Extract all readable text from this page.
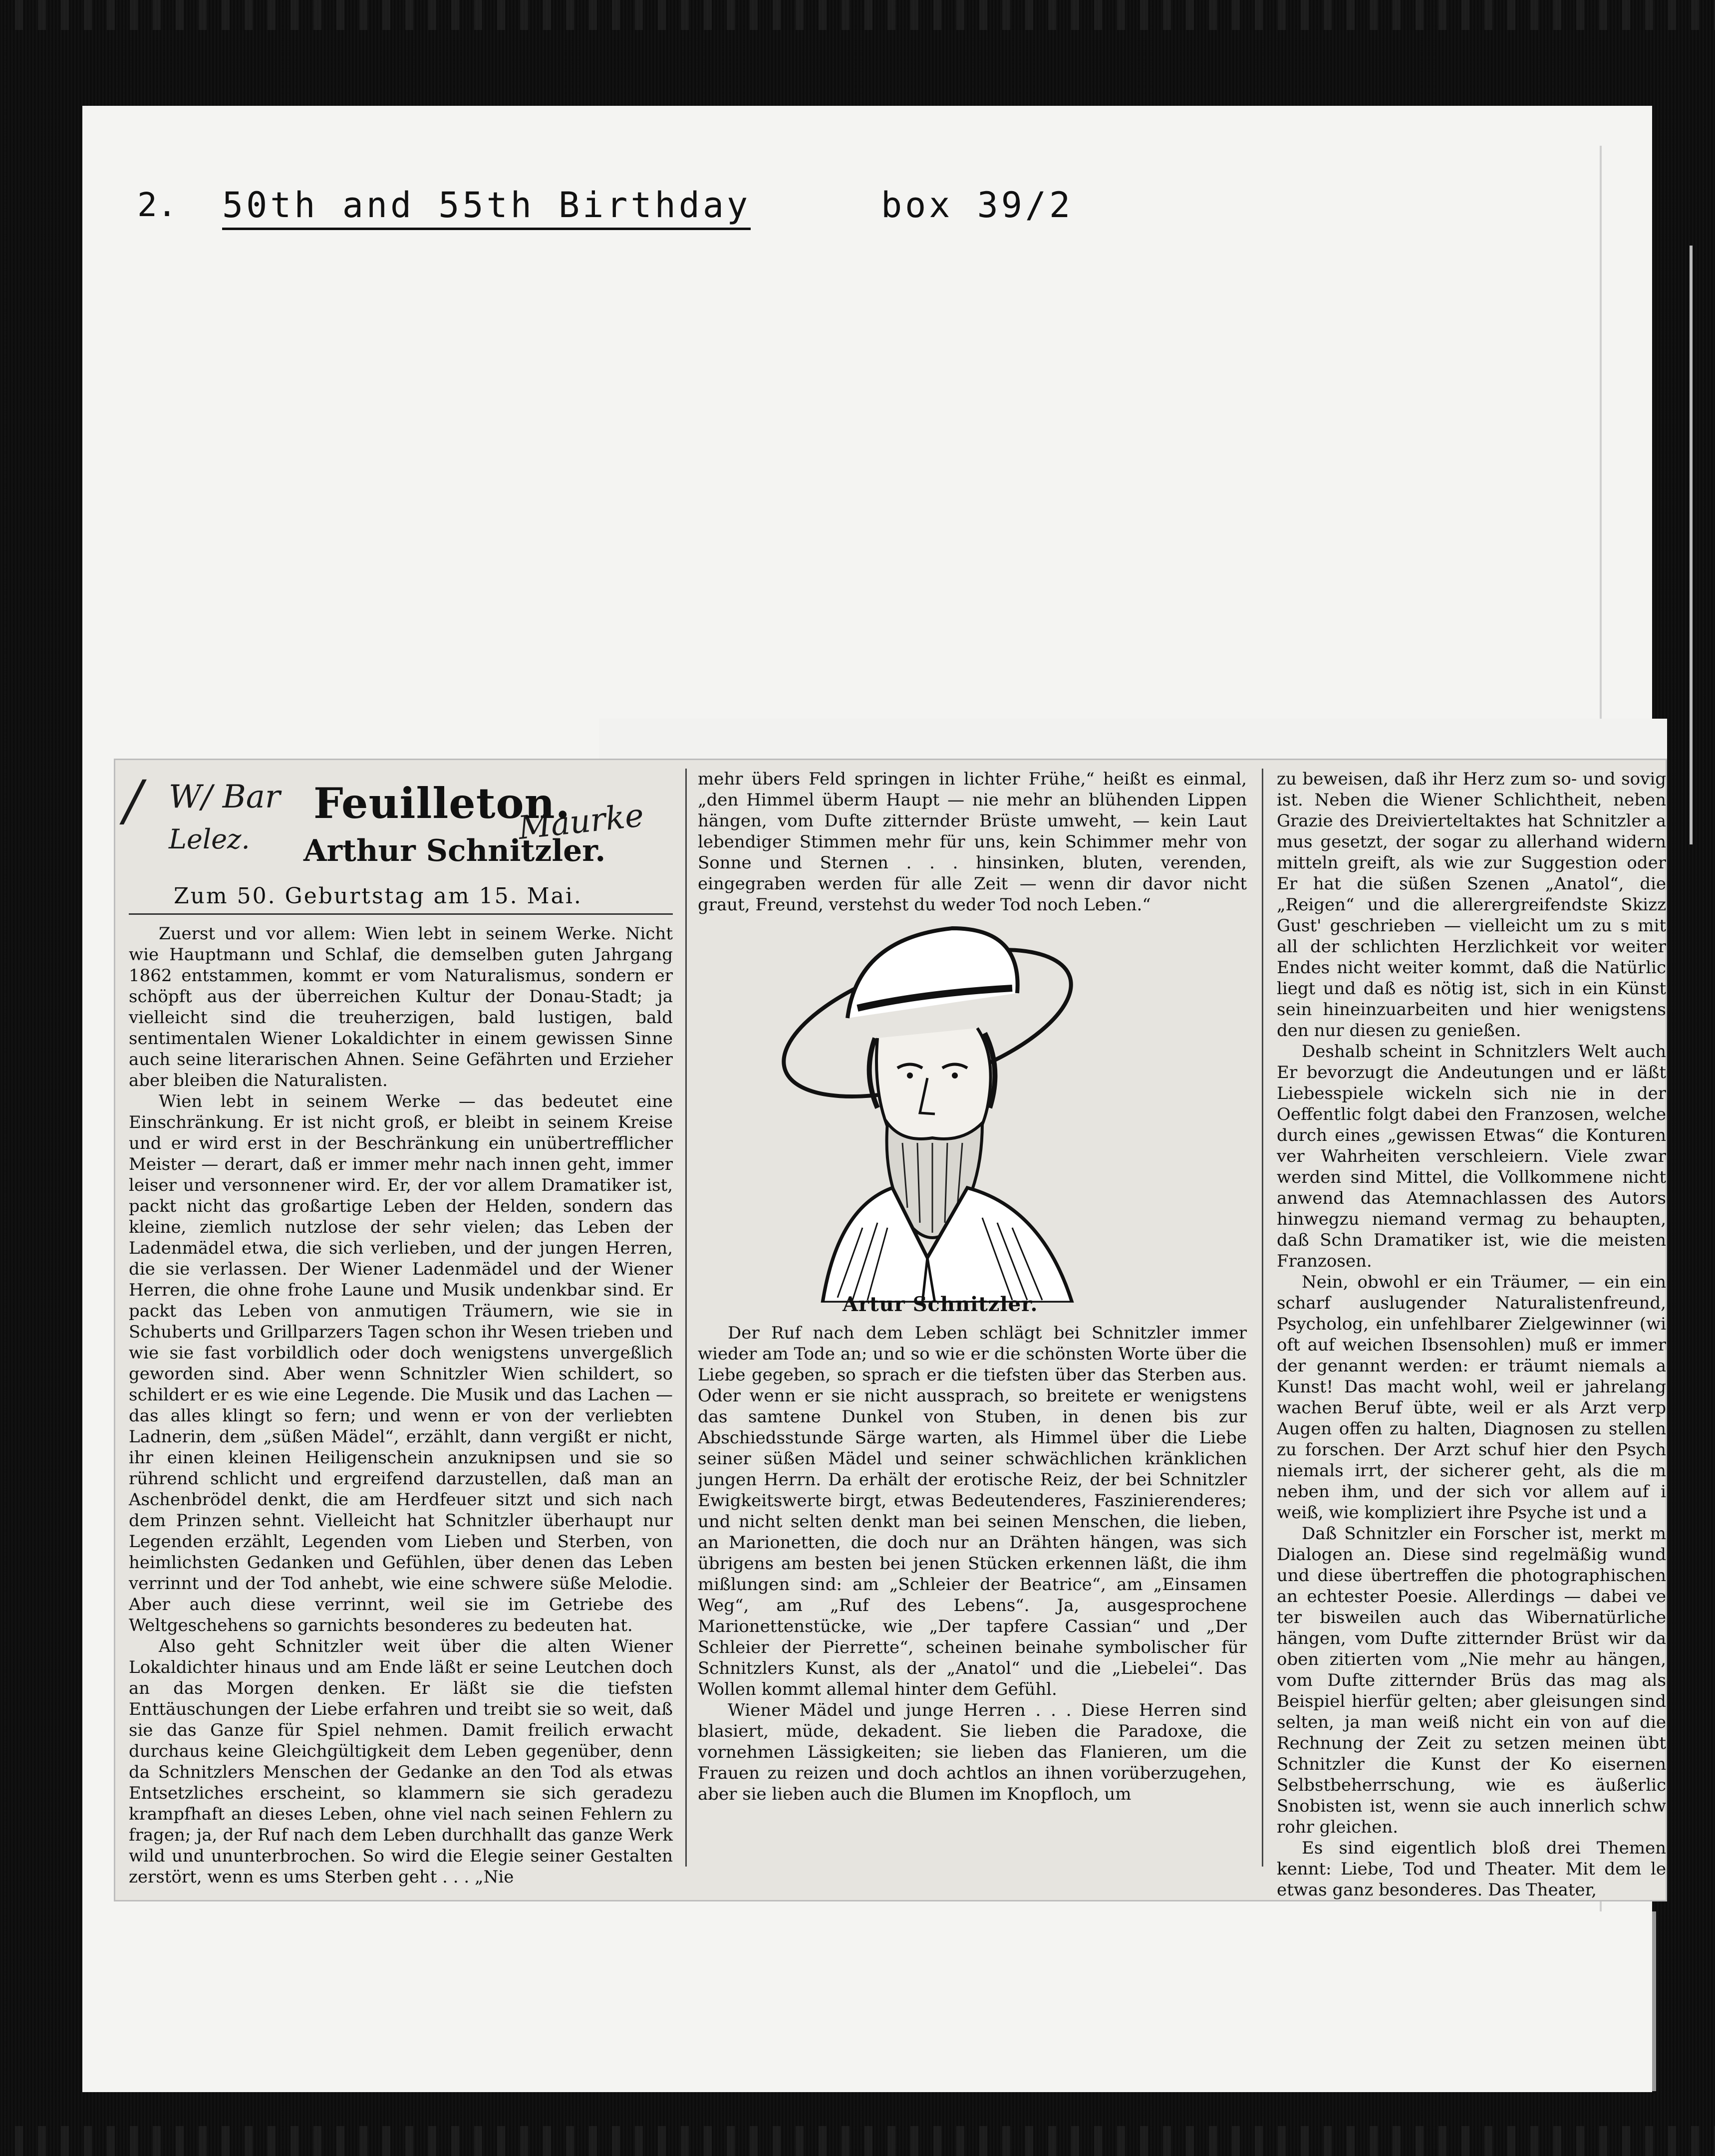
2. 50th and 55th Birthday	box 39/2
/ W/ Bar
Lelez.	Maurke
Feuilleton.
Arthur Schnitzler.
Zum 50. Geburtstag am 15. Mai.

Zuerst und vor allem: Wien lebt in seinem Werke. Nicht wie Hauptmann und Schlaf, die demselben guten Jahrgang 1862 entstammen, kommt er vom Naturalismus, sondern er schöpft aus der überreichen Kultur der Donau-Stadt; ja vielleicht sind die treuherzigen, bald lustigen, bald sentimentalen Wiener Lokaldichter in einem gewissen Sinne auch seine literarischen Ahnen. Seine Gefährten und Erzieher aber bleiben die Naturalisten.

Wien lebt in seinem Werke — das bedeutet eine Einschränkung. Er ist nicht groß, er bleibt in seinem Kreise und er wird erst in der Beschränkung ein unübertrefflicher Meister — derart, daß er immer mehr nach innen geht, immer leiser und versonnener wird. Er, der vor allem Dramatiker ist, packt nicht das großartige Leben der Helden, sondern das kleine, ziemlich nutzlose der sehr vielen; das Leben der Ladenmädel etwa, die sich verlieben, und der jungen Herren, die sie verlassen. Der Wiener Ladenmädel und der Wiener Herren, die ohne frohe Laune und Musik undenkbar sind. Er packt das Leben von anmutigen Träumern, wie sie in Schuberts und Grillparzers Tagen schon ihr Wesen trieben und wie sie fast vorbildlich oder doch wenigstens unvergeßlich geworden sind. Aber wenn Schnitzler Wien schildert, so schildert er es wie eine Legende. Die Musik und das Lachen — das alles klingt so fern; und wenn er von der verliebten Ladnerin, dem „süßen Mädel“, erzählt, dann vergißt er nicht, ihr einen kleinen Heiligenschein anzuknipsen und sie so rührend schlicht und ergreifend darzustellen, daß man an Aschenbrödel denkt, die am Herdfeuer sitzt und sich nach dem Prinzen sehnt. Vielleicht hat Schnitzler überhaupt nur Legenden erzählt, Legenden vom Lieben und Sterben, von heimlichsten Gedanken und Gefühlen, über denen das Leben verrinnt und der Tod anhebt, wie eine schwere süße Melodie. Aber auch diese verrinnt, weil sie im Getriebe des Weltgeschehens so garnichts besonderes zu bedeuten hat.

Also geht Schnitzler weit über die alten Wiener Lokaldichter hinaus und am Ende läßt er seine Leutchen doch an das Morgen denken. Er läßt sie die tiefsten Enttäuschungen der Liebe erfahren und treibt sie so weit, daß sie das Ganze für Spiel nehmen. Damit freilich erwacht durchaus keine Gleichgültigkeit dem Leben gegenüber, denn da Schnitzlers Menschen der Gedanke an den Tod als etwas Entsetzliches erscheint, so klammern sie sich geradezu krampfhaft an dieses Leben, ohne viel nach seinen Fehlern zu fragen; ja, der Ruf nach dem Leben durchhallt das ganze Werk wild und ununterbrochen. So wird die Elegie seiner Gestalten zerstört, wenn es ums Sterben geht . . . „Nie

mehr übers Feld springen in lichter Frühe,“ heißt es einmal, „den Himmel überm Haupt — nie mehr an blühenden Lippen hängen, vom Dufte zitternder Brüste umweht, — kein Laut lebendiger Stimmen mehr für uns, kein Schimmer mehr von Sonne und Sternen . . . hinsinken, bluten, verenden, eingegraben werden für alle Zeit — wenn dir davor nicht graut, Freund, verstehst du weder Tod noch Leben.“

Artur Schnitzler.

Der Ruf nach dem Leben schlägt bei Schnitzler immer wieder am Tode an; und so wie er die schönsten Worte über die Liebe gegeben, so sprach er die tiefsten über das Sterben aus. Oder wenn er sie nicht aussprach, so breitete er wenigstens das samtene Dunkel von Stuben, in denen bis zur Abschiedsstunde Särge warten, als Himmel über die Liebe seiner süßen Mädel und seiner schwächlichen kränklichen jungen Herrn. Da erhält der erotische Reiz, der bei Schnitzler Ewigkeitswerte birgt, etwas Bedeutenderes, Faszinierenderes; und nicht selten denkt man bei seinen Menschen, die lieben, an Marionetten, die doch nur an Drähten hängen, was sich übrigens am besten bei jenen Stücken erkennen läßt, die ihm mißlungen sind: am „Schleier der Beatrice“, am „Einsamen Weg“, am „Ruf des Lebens“. Ja, ausgesprochene Marionettenstücke, wie „Der tapfere Cassian“ und „Der Schleier der Pierrette“, scheinen beinahe symbolischer für Schnitzlers Kunst, als der „Anatol“ und die „Liebelei“. Das Wollen kommt allemal hinter dem Gefühl.

Wiener Mädel und junge Herren . . . Diese Herren sind blasiert, müde, dekadent. Sie lieben die Paradoxe, die vornehmen Lässigkeiten; sie lieben das Flanieren, um die Frauen zu reizen und doch achtlos an ihnen vorüberzugehen, aber sie lieben auch die Blumen im Knopfloch, um

zu beweisen, daß ihr Herz zum so- und sovig ist. Neben die Wiener Schlichtheit, neben Grazie des Dreivierteltaktes hat Schnitzler a mus gesetzt, der sogar zu allerhand widern mitteln greift, als wie zur Suggestion oder Er hat die süßen Szenen „Anatol“, die „Reigen“ und die allerergreifendste Skizz Gust' geschrieben — vielleicht um zu s mit all der schlichten Herzlichkeit vor weiter Endes nicht weiter kommt, daß die Natürlic liegt und daß es nötig ist, sich in ein Künst sein hineinzuarbeiten und hier wenigstens den nur diesen zu genießen.

Deshalb scheint in Schnitzlers Welt auch Er bevorzugt die Andeutungen und er läßt Liebesspiele wickeln sich nie in der Oeffentlic folgt dabei den Franzosen, welche durch eines „gewissen Etwas“ die Konturen ver Wahrheiten verschleiern. Viele zwar werden sind Mittel, die Vollkommene nicht anwend das Atemnachlassen des Autors hinwegzu niemand vermag zu behaupten, daß Schn Dramatiker ist, wie die meisten Franzosen.

Nein, obwohl er ein Träumer, — ein ein scharf auslugender Naturalistenfreund, Psycholog, ein unfehlbarer Zielgewinner (wi oft auf weichen Ibsensohlen) muß er immer der genannt werden: er träumt niemals a Kunst! Das macht wohl, weil er jahrelang wachen Beruf übte, weil er als Arzt verp Augen offen zu halten, Diagnosen zu stellen zu forschen. Der Arzt schuf hier den Psych niemals irrt, der sicherer geht, als die m neben ihm, und der sich vor allem auf i weiß, wie kompliziert ihre Psyche ist und a

Daß Schnitzler ein Forscher ist, merkt m Dialogen an. Diese sind regelmäßig wund und diese übertreffen die photographischen an echtester Poesie. Allerdings — dabei ve ter bisweilen auch das Wibernatürliche hängen, vom Dufte zitternder Brüst wir da oben zitierten vom „Nie mehr au hängen, vom Dufte zitternder Brüs das mag als Beispiel hierfür gelten; aber gleisungen sind selten, ja man weiß nicht ein von auf die Rechnung der Zeit zu setzen meinen übt Schnitzler die Kunst der Ko eisernen Selbstbeherrschung, wie es äußerlic Snobisten ist, wenn sie auch innerlich schw rohr gleichen.

Es sind eigentlich bloß drei Themen kennt: Liebe, Tod und Theater. Mit dem le etwas ganz besonderes. Das Theater,
